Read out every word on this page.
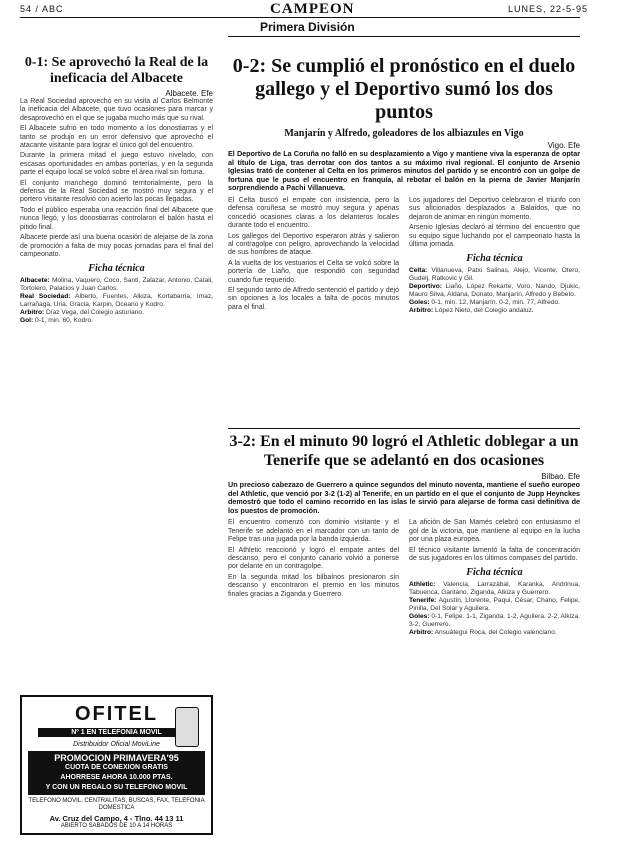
54 / ABC	CAMPEON	LUNES, 22-5-95
Primera División
0-1: Se aprovechó la Real de la ineficacia del Albacete
Albacete. Efe

La Real Sociedad aprovechó en su visita al Carlos Belmonte la ineficacia del Albacete, que tuvo ocasiones para marcar y desaprovechó en el que se jugaba mucho más que su rival.

El Albacete sufrió en todo momento a los donostiarras y el tanto se produjo en un error defensivo que aprovechó el atacante visitante para lograr el único gol del encuentro.

Durante la primera mitad el juego estuvo nivelado, con escasas oportunidades en ambas porterías, y en la segunda parte el equipo local se volcó sobre el área rival sin fortuna.

El conjunto manchego dominó territorialmente, pero la defensa de la Real Sociedad se mostró muy segura y el portero visitante resolvió con acierto las pocas llegadas.

Todo el público esperaba una reacción final del Albacete que nunca llegó, y los donostiarras controlaron el balón hasta el pitido final.

Albacete pierde así una buena ocasión de alejarse de la zona de promoción a falta de muy pocas jornadas para el final del campeonato.

Ficha técnica
Albacete: Molina, Vaquero, Coco, Santi, Zalazar, Antonio, Catali, Tortolero, Palacios y Juan Carlos.
Real Sociedad: Alberto, Fuentes, Alkiza, Kortabarria, Imaz, Larrañaga, Uria, Gracia, Karpin, Oceano y Kodro.
Arbitro: Díaz Vega, del Colegio asturiano.
Gol: 0-1, min. 60, Kodro.
OFITEL
Nº 1 EN TELEFONIA MOVIL
Distribuidor Oficial MoviLine
PROMOCION PRIMAVERA'95
CUOTA DE CONEXION GRATIS
AHORRESE AHORA 10.000 PTAS.
Y CON UN REGALO SU TELEFONO MOVIL
TELEFONO MOVIL, CENTRALITAS, BUSCAS, FAX, TELEFONIA DOMESTICA
Av. Cruz del Campo, 4 - Tlno. 44 13 11
ABIERTO SABADOS DE 10 A 14 HORAS
0-2: Se cumplió el pronóstico en el duelo gallego y el Deportivo sumó los dos puntos
Manjarín y Alfredo, goleadores de los albiazules en Vigo
Vigo. Efe
El Deportivo de La Coruña no falló en su desplazamiento a Vigo y mantiene viva la esperanza de optar al título de Liga, tras derrotar con dos tantos a su máximo rival regional. El conjunto de Arsenio Iglesias trató de contener al Celta en los primeros minutos del partido y se encontró con un golpe de fortuna que le puso el encuentro en franquía, al rebotar el balón en la pierna de Javier Manjarín sorprendiendo a Pachi Villanueva.

El Celta buscó el empate con insistencia, pero la defensa coruñesa se mostró muy segura y apenas concedió ocasiones claras a los delanteros locales durante todo el encuentro.

Los gallegos del Deportivo esperaron atrás y salieron al contragolpe con peligro, aprovechando la velocidad de sus hombres de ataque.

A la vuelta de los vestuarios el Celta se volcó sobre la portería de Liaño, que respondió con seguridad cuando fue requerido.

El segundo tanto de Alfredo sentenció el partido y dejó sin opciones a los locales a falta de pocos minutos para el final.

Los jugadores del Deportivo celebraron el triunfo con sus aficionados desplazados a Balaídos, que no dejaron de animar en ningún momento.

Arsenio Iglesias declaró al término del encuentro que su equipo sigue luchando por el campeonato hasta la última jornada.

Ficha técnica
Celta: Villanueva, Patxi Salinas, Alejo, Vicente, Otero, Gudelj, Ratkovic y Gil.
Deportivo: Liaño, López Rekarte, Voro, Nando, Djukic, Mauro Silva, Aldana, Donato, Manjarín, Alfredo y Bebeto.
Goles: 0-1, min. 12, Manjarín. 0-2, min. 77, Alfredo.
Arbitro: López Nieto, del Colegio andaluz.
3-2: En el minuto 90 logró el Athletic doblegar a un Tenerife que se adelantó en dos ocasiones
Bilbao. Efe
Un precioso cabezazo de Guerrero a quince segundos del minuto noventa, mantiene el sueño europeo del Athletic, que venció por 3-2 (1-2) al Tenerife, en un partido en el que el conjunto de Jupp Heynckes demostró que todo el camino recorrido en las islas le sirvió para alejarse de forma casi definitiva de los puestos de promoción.

El encuentro comenzó con dominio visitante y el Tenerife se adelantó en el marcador con un tanto de Felipe tras una jugada por la banda izquierda.

El Athletic reaccionó y logró el empate antes del descanso, pero el conjunto canario volvió a ponerse por delante en un contragolpe.

En la segunda mitad los bilbaínos presionaron sin descanso y encontraron el premio en los minutos finales gracias a Ziganda y Guerrero.

La afición de San Mamés celebró con entusiasmo el gol de la victoria, que mantiene al equipo en la lucha por una plaza europea.

El técnico visitante lamentó la falta de concentración de sus jugadores en los últimos compases del partido.

Ficha técnica
Athletic: Valencia, Larrazábal, Karanka, Andrinua, Tabuenca, Garitano, Ziganda, Alkiza y Guerrero.
Tenerife: Agustín, Llorente, Paqui, César, Chano, Felipe, Pinilla, Del Solar y Aguilera.
Goles: 0-1, Felipe. 1-1, Ziganda. 1-2, Aguilera. 2-2, Alkiza. 3-2, Guerrero.
Arbitro: Ansuátegui Roca, del Colegio valenciano.
